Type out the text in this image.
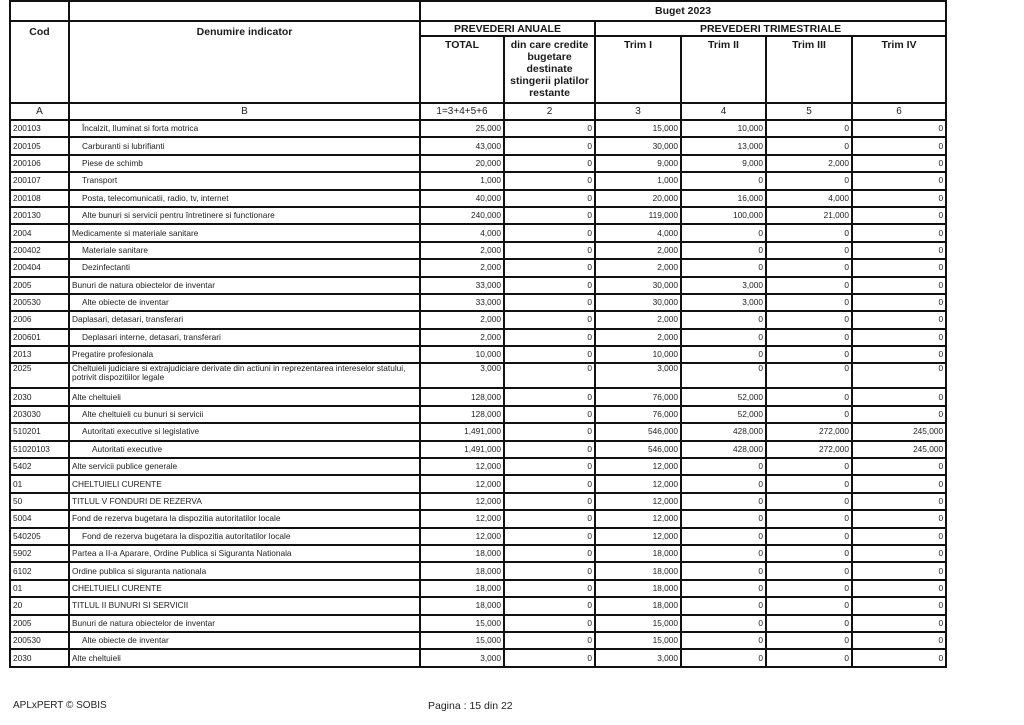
		Buget 2023					
Cod	Denumire indicator	PREVEDERI ANUALE		PREVEDERI TRIMESTRIALE			
		TOTAL	din care credite bugetare destinate stingerii platilor restante	Trim I	Trim II	Trim III	Trim IV
A	B	1=3+4+5+6	2	3	4	5	6
200103	Încalzit, Iluminat si forta motrica	25,000	0	15,000	10,000	0	0
200105	Carburanti si lubrifianti	43,000	0	30,000	13,000	0	0
200106	Piese de schimb	20,000	0	9,000	9,000	2,000	0
200107	Transport	1,000	0	1,000	0	0	0
200108	Posta, telecomunicatii, radio, tv, internet	40,000	0	20,000	16,000	4,000	0
200130	Alte bunuri si servicii pentru întretinere si functionare	240,000	0	119,000	100,000	21,000	0
2004	Medicamente si materiale sanitare	4,000	0	4,000	0	0	0
200402	Materiale sanitare	2,000	0	2,000	0	0	0
200404	Dezinfectanti	2,000	0	2,000	0	0	0
2005	Bunuri de natura obiectelor de inventar	33,000	0	30,000	3,000	0	0
200530	Alte obiecte de inventar	33,000	0	30,000	3,000	0	0
2006	Daplasari, detasari, transferari	2,000	0	2,000	0	0	0
200601	Deplasari interne, detasari, transferari	2,000	0	2,000	0	0	0
2013	Pregatire profesionala	10,000	0	10,000	0	0	0
2025	Cheltuieli judiciare si extrajudiciare derivate din actiuni in reprezentarea intereselor statului, potrivit dispozitiilor legale	3,000	0	3,000	0	0	0
2030	Alte cheltuieli	128,000	0	76,000	52,000	0	0
203030	Alte cheltuieli cu bunuri si servicii	128,000	0	76,000	52,000	0	0
510201	Autoritati executive si legislative	1,491,000	0	546,000	428,000	272,000	245,000
51020103	Autoritati executive	1,491,000	0	546,000	428,000	272,000	245,000
5402	Alte servicii publice generale	12,000	0	12,000	0	0	0
01	CHELTUIELI CURENTE	12,000	0	12,000	0	0	0
50	TITLUL V FONDURI DE REZERVA	12,000	0	12,000	0	0	0
5004	Fond de rezerva bugetara la dispozitia autoritatilor locale	12,000	0	12,000	0	0	0
540205	Fond de rezerva bugetara la dispozitia autoritatilor locale	12,000	0	12,000	0	0	0
5902	Partea a II-a Aparare, Ordine Publica si Siguranta Nationala	18,000	0	18,000	0	0	0
6102	Ordine publica si siguranta nationala	18,000	0	18,000	0	0	0
01	CHELTUIELI CURENTE	18,000	0	18,000	0	0	0
20	TITLUL II BUNURI SI SERVICII	18,000	0	18,000	0	0	0
2005	Bunuri de natura obiectelor de inventar	15,000	0	15,000	0	0	0
200530	Alte obiecte de inventar	15,000	0	15,000	0	0	0
2030	Alte cheltuieli	3,000	0	3,000	0	0	0
APLxPERT © SOBIS	Pagina : 15 din 22
